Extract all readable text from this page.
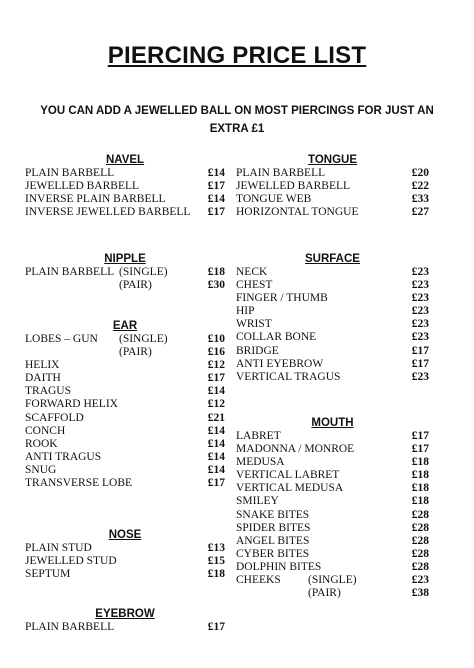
PIERCING PRICE LIST
YOU CAN ADD A JEWELLED BALL ON MOST PIERCINGS FOR JUST AN
EXTRA £1
NAVEL
PLAIN BARBELL	£14
JEWELLED BARBELL	£17
INVERSE PLAIN BARBELL	£14
INVERSE JEWELLED BARBELL £17
NIPPLE
PLAIN BARBELL (SINGLE)	£18
(PAIR)	£30
EAR
LOBES – GUN (SINGLE)	£10
(PAIR)	£16
HELIX	£12
DAITH	£17
TRAGUS	£14
FORWARD HELIX	£12
SCAFFOLD	£21
CONCH	£14
ROOK	£14
ANTI TRAGUS	£14
SNUG	£14
TRANSVERSE LOBE	£17
NOSE
PLAIN STUD	£13
JEWELLED STUD	£15
SEPTUM	£18
EYEBROW
PLAIN BARBELL	£17
TONGUE
PLAIN BARBELL	£20
JEWELLED BARBELL	£22
TONGUE WEB	£33
HORIZONTAL TONGUE	£27
SURFACE
NECK	£23
CHEST	£23
FINGER / THUMB	£23
HIP	£23
WRIST	£23
COLLAR BONE	£23
BRIDGE	£17
ANTI EYEBROW	£17
VERTICAL TRAGUS	£23
MOUTH
LABRET	£17
MADONNA / MONROE	£17
MEDUSA	£18
VERTICAL LABRET	£18
VERTICAL MEDUSA	£18
SMILEY	£18
SNAKE BITES	£28
SPIDER BITES	£28
ANGEL BITES	£28
CYBER BITES	£28
DOLPHIN BITES	£28
CHEEKS (SINGLE)	£23
(PAIR)	£38
